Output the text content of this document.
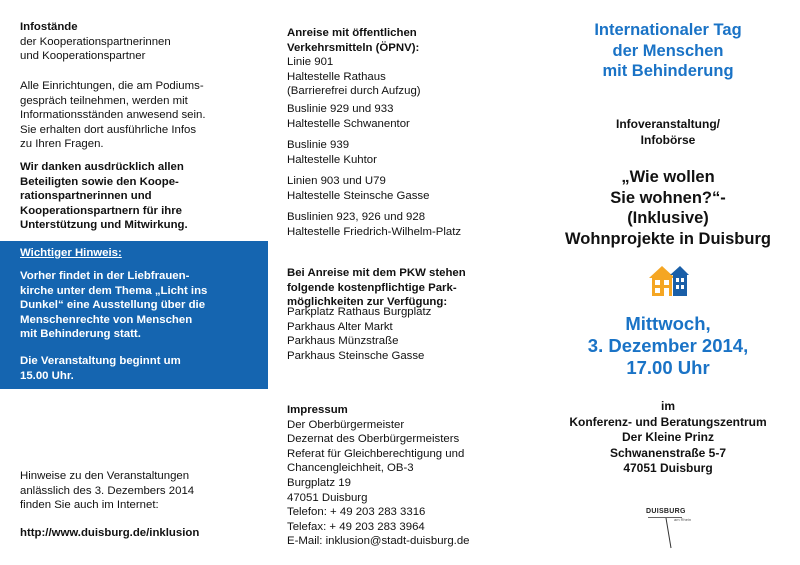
Infostände
der Kooperationspartnerinnen
und Kooperationspartner
Alle Einrichtungen, die am Podiums-
gespräch teilnehmen, werden mit
Informationsständen anwesend sein.
Sie erhalten dort ausführliche Infos
zu Ihren Fragen.
Wir danken ausdrücklich allen
Beteiligten sowie den Koope-
rationspartnerinnen und
Kooperationspartnern für ihre
Unterstützung und Mitwirkung.
Wichtiger Hinweis:
Vorher findet in der Liebfrauen-
kirche unter dem Thema „Licht ins
Dunkel“ eine Ausstellung über die
Menschenrechte von Menschen
mit Behinderung statt.
Die Veranstaltung beginnt um
15.00 Uhr.
Hinweise zu den Veranstaltungen
anlässlich des 3. Dezembers 2014
finden Sie auch im Internet:
http://www.duisburg.de/inklusion
Anreise mit öffentlichen
Verkehrsmitteln (ÖPNV):
Linie 901
Haltestelle Rathaus
(Barrierefrei durch Aufzug)
Buslinie 929 und 933
Haltestelle Schwanentor
Buslinie 939
Haltestelle Kuhtor
Linien 903 und U79
Haltestelle Steinsche Gasse
Buslinien 923, 926 und 928
Haltestelle Friedrich-Wilhelm-Platz
Bei Anreise mit dem PKW stehen
folgende kostenpflichtige Park-
möglichkeiten zur Verfügung:
Parkplatz Rathaus Burgplatz
Parkhaus Alter Markt
Parkhaus Münzstraße
Parkhaus Steinsche Gasse
Impressum
Der Oberbürgermeister
Dezernat des Oberbürgermeisters
Referat für Gleichberechtigung und
Chancengleichheit, OB-3
Burgplatz 19
47051 Duisburg
Telefon: + 49 203 283 3316
Telefax: + 49 203 283 3964
E-Mail: inklusion@stadt-duisburg.de
Internationaler Tag
der Menschen
mit Behinderung
Infoveranstaltung/
Infobörse
„Wie wollen
Sie wohnen?“-
(Inklusive)
Wohnprojekte in Duisburg
Mittwoch,
3. Dezember 2014,
17.00 Uhr
im
Konferenz- und Beratungszentrum
Der Kleine Prinz
Schwanenstraße 5-7
47051 Duisburg
DUISBURG
am Rhein
